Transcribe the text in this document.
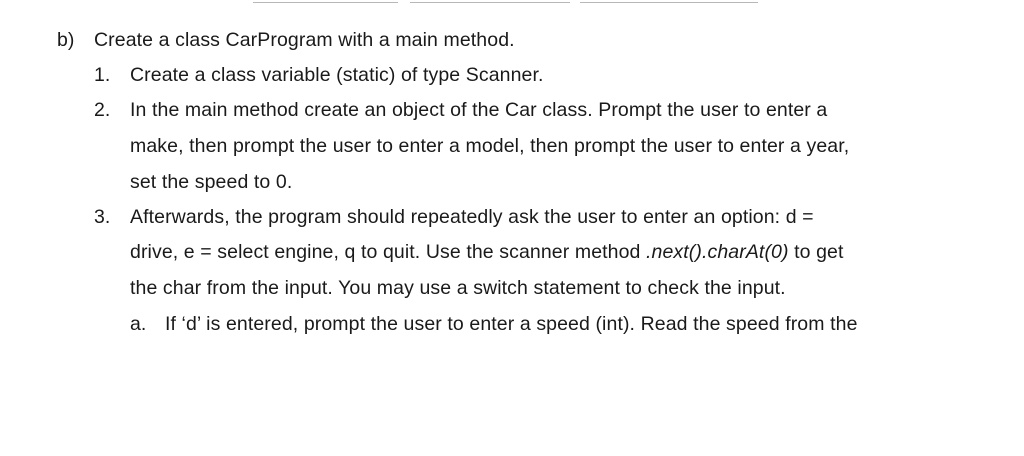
b) Create a class CarProgram with a main method.
1. Create a class variable (static) of type Scanner.
2. In the main method create an object of the Car class. Prompt the user to enter a
make, then prompt the user to enter a model, then prompt the user to enter a year,
set the speed to 0.
3. Afterwards, the program should repeatedly ask the user to enter an option: d =
drive, e = select engine, q to quit. Use the scanner method .next().charAt(0) to get
the char from the input. You may use a switch statement to check the input.
a. If ‘d’ is entered, prompt the user to enter a speed (int). Read the speed from the
